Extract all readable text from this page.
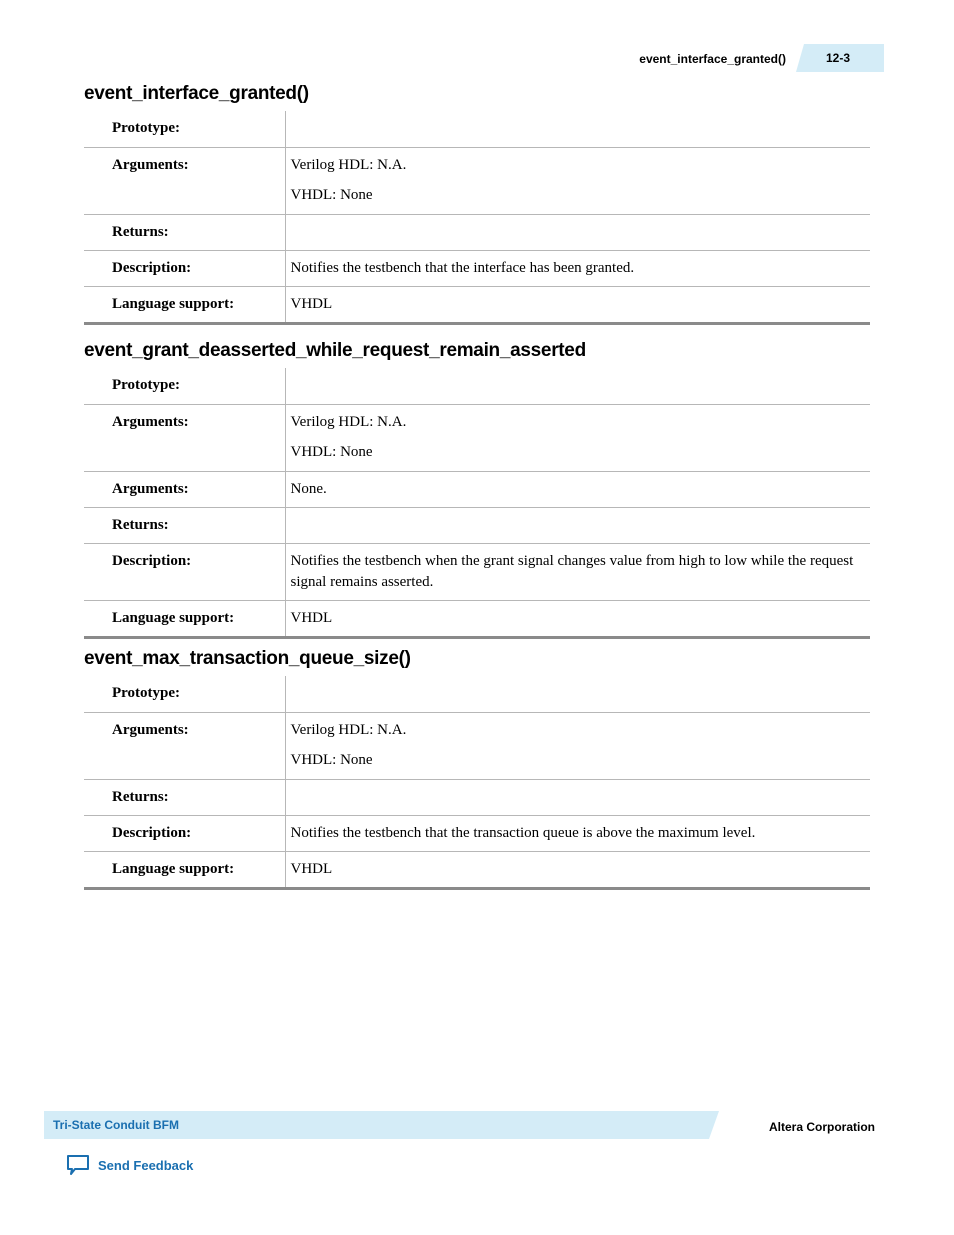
event_interface_granted()	12-3
event_interface_granted()
Prototype:	
Arguments:	Verilog HDL: N.A.

VHDL: None

Returns:	
Description:	Notifies the testbench that the interface has been granted.

Language support:	VHDL

event_grant_deasserted_while_request_remain_asserted
Prototype:	
Arguments:	Verilog HDL: N.A.

VHDL: None

Arguments:	None.

Returns:	
Description:	Notifies the testbench when the grant signal changes value from high to low while the request signal remains asserted.

Language support:	VHDL

event_max_transaction_queue_size()
Prototype:	
Arguments:	Verilog HDL: N.A.

VHDL: None

Returns:	
Description:	Notifies the testbench that the transaction queue is above the maximum level.

Language support:	VHDL

Tri-State Conduit BFM	Altera Corporation
Send Feedback
